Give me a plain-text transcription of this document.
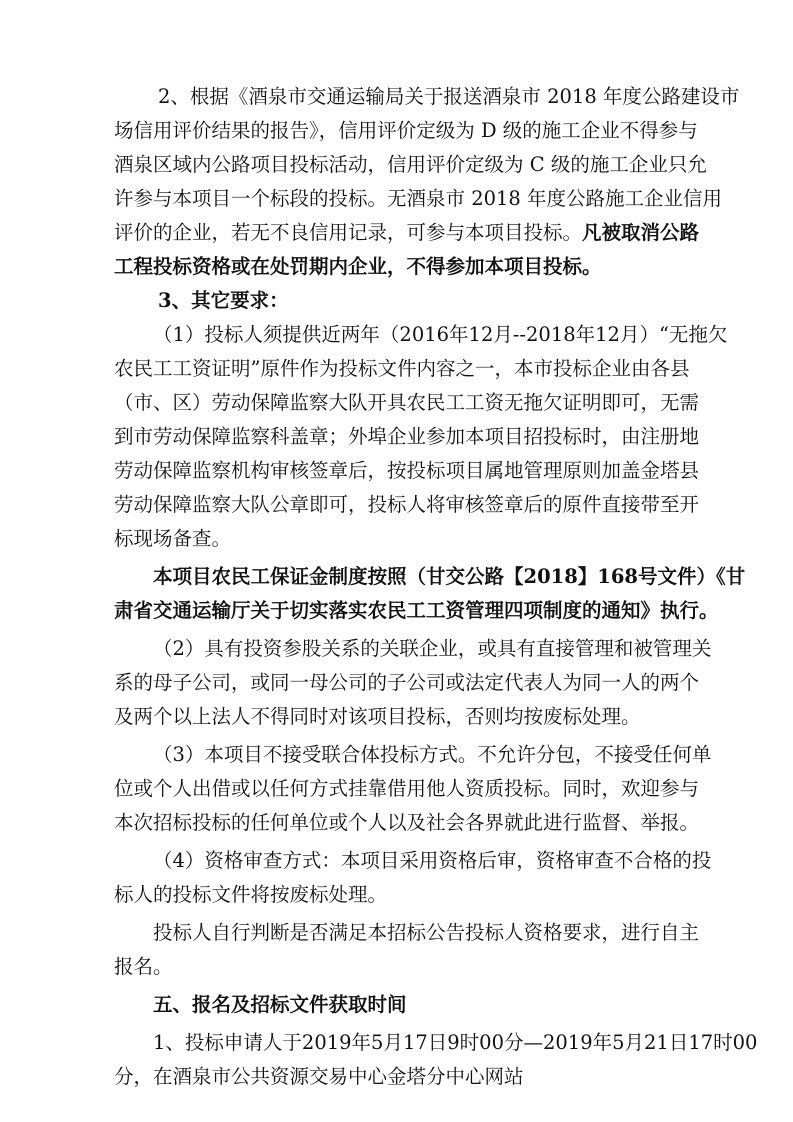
2、根据《酒泉市交通运输局关于报送酒泉市 2018 年度公路建设市
场信用评价结果的报告》，信用评价定级为 D 级的施工企业不得参与
酒泉区域内公路项目投标活动，信用评价定级为 C 级的施工企业只允
许参与本项目一个标段的投标。无酒泉市 2018 年度公路施工企业信用
评价的企业，若无不良信用记录，可参与本项目投标。凡被取消公路
工程投标资格或在处罚期内企业，不得参加本项目投标。
3、其它要求：
（1）投标人须提供近两年（2016年12月--2018年12月）“无拖欠
农民工工资证明”原件作为投标文件内容之一，本市投标企业由各县
（市、区）劳动保障监察大队开具农民工工资无拖欠证明即可，无需
到市劳动保障监察科盖章；外埠企业参加本项目招投标时，由注册地
劳动保障监察机构审核签章后，按投标项目属地管理原则加盖金塔县
劳动保障监察大队公章即可，投标人将审核签章后的原件直接带至开
标现场备查。
本项目农民工保证金制度按照（甘交公路【2018】168号文件）《甘
肃省交通运输厅关于切实落实农民工工资管理四项制度的通知》执行。
（2）具有投资参股关系的关联企业，或具有直接管理和被管理关
系的母子公司，或同一母公司的子公司或法定代表人为同一人的两个
及两个以上法人不得同时对该项目投标，否则均按废标处理。
（3）本项目不接受联合体投标方式。不允许分包，不接受任何单
位或个人出借或以任何方式挂靠借用他人资质投标。同时，欢迎参与
本次招标投标的任何单位或个人以及社会各界就此进行监督、举报。
（4）资格审查方式：本项目采用资格后审，资格审查不合格的投
标人的投标文件将按废标处理。
投标人自行判断是否满足本招标公告投标人资格要求，进行自主
报名。
五、报名及招标文件获取时间
1、投标申请人于2019年5月17日9时00分—2019年5月21日17时00
分，在酒泉市公共资源交易中心金塔分中心网站
